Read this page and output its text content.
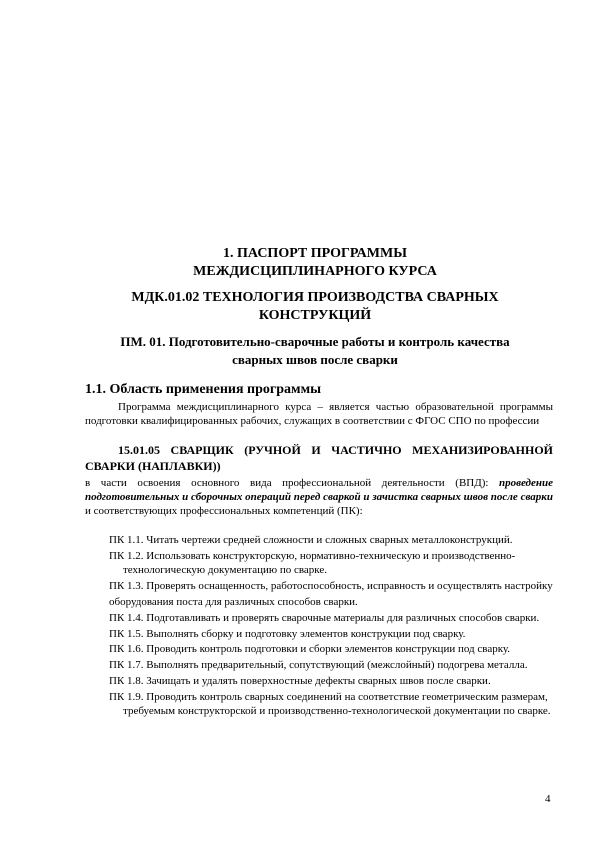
1. ПАСПОРТ ПРОГРАММЫ
МЕЖДИСЦИПЛИНАРНОГО КУРСА
МДК.01.02 ТЕХНОЛОГИЯ ПРОИЗВОДСТВА СВАРНЫХ
КОНСТРУКЦИЙ
ПМ. 01. Подготовительно-сварочные работы и контроль качества
сварных швов после сварки
1.1. Область применения программы
Программа междисциплинарного курса – является частью образовательной программы подготовки квалифицированных рабочих, служащих в соответствии с ФГОС СПО по профессии
15.01.05 СВАРЩИК (РУЧНОЙ И ЧАСТИЧНО МЕХАНИЗИРОВАННОЙ СВАРКИ (НАПЛАВКИ))
в части освоения основного вида профессиональной деятельности (ВПД): проведение подготовительных и сборочных операций перед сваркой и зачистка сварных швов после сварки и соответствующих профессиональных компетенций (ПК):
ПК 1.1. Читать чертежи средней сложности и сложных сварных металлоконструкций.
ПК 1.2. Использовать конструкторскую, нормативно-техническую и производственно-технологическую документацию по сварке.
ПК 1.3. Проверять оснащенность, работоспособность, исправность и осуществлять настройку
оборудования поста для различных способов сварки.
ПК 1.4. Подготавливать и проверять сварочные материалы для различных способов сварки.
ПК 1.5. Выполнять сборку и подготовку элементов конструкции под сварку.
ПК 1.6. Проводить контроль подготовки и сборки элементов конструкции под сварку.
ПК 1.7. Выполнять предварительный, сопутствующий (межслойный) подогрева металла.
ПК 1.8. Зачищать и удалять поверхностные дефекты сварных швов после сварки.
ПК 1.9. Проводить контроль сварных соединений на соответствие геометрическим размерам, требуемым конструкторской и производственно-технологической документации по сварке.
4
